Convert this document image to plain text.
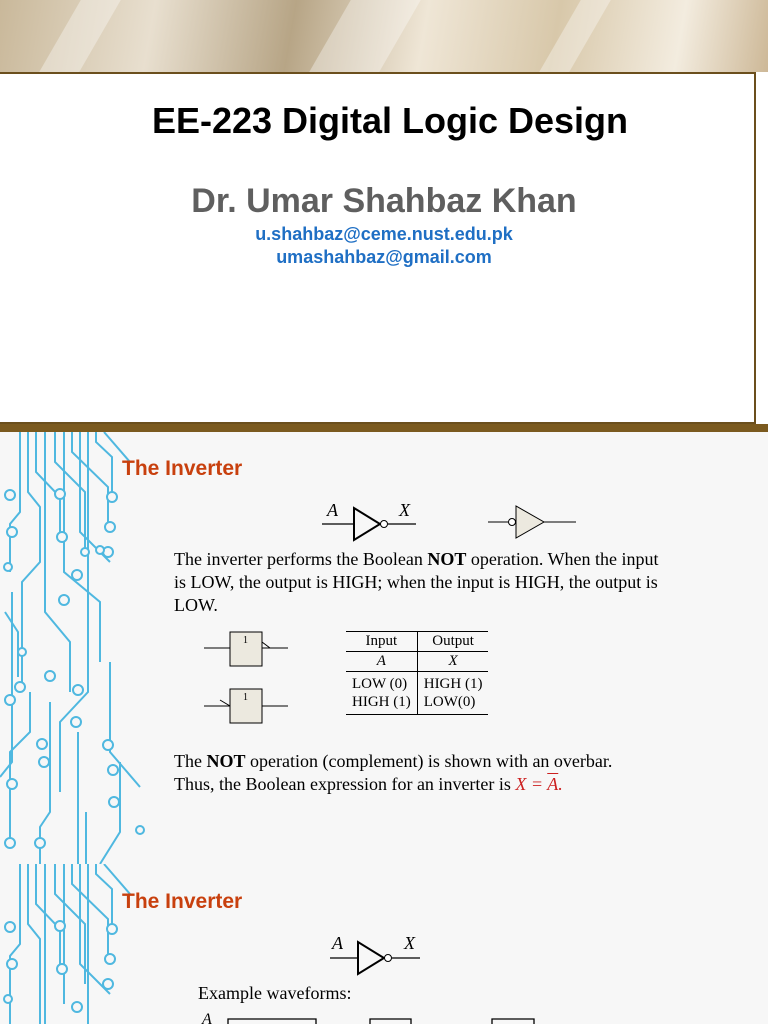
EE-223 Digital Logic Design
Dr. Umar Shahbaz Khan
u.shahbaz@ceme.nust.edu.pk
umashahbaz@gmail.com
The Inverter
A	X
The inverter performs the Boolean NOT operation. When the input is LOW, the output is HIGH; when the input is HIGH, the output is LOW.
1
1
Input	Output
A	X
LOW (0)	HIGH (1)
HIGH (1)	LOW(0)
The NOT operation (complement) is shown with an overbar. Thus, the Boolean expression for an inverter is $X = \overline{A}$.
The Inverter
A	X
Example waveforms:
A
